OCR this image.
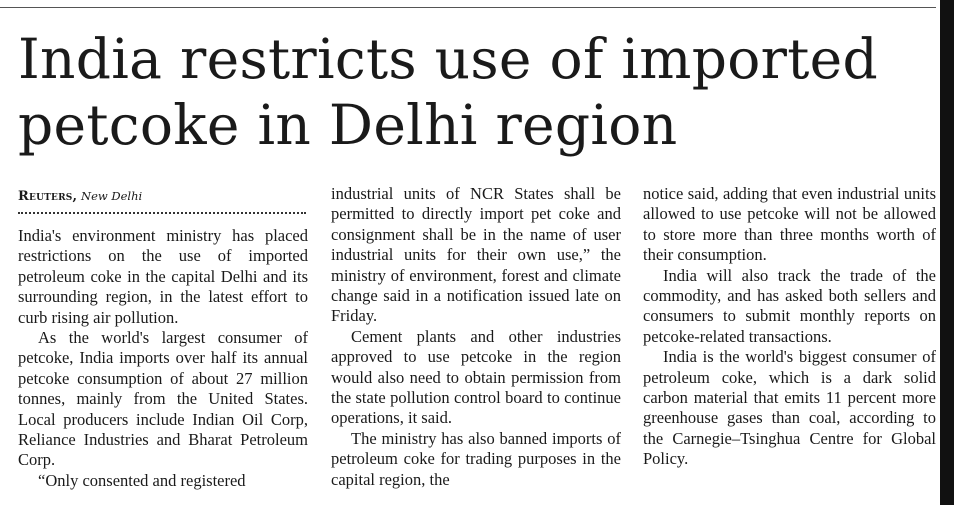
India restricts use of imported petcoke in Delhi region
Reuters, New Delhi

India's environment ministry has placed restrictions on the use of imported petroleum coke in the capital Delhi and its surrounding region, in the latest effort to curb rising air pollution.

As the world's largest consumer of petcoke, India imports over half its annual petcoke consumption of about 27 million tonnes, mainly from the United States. Local producers include Indian Oil Corp, Reliance Industries and Bharat Petroleum Corp.

“Only consented and registered

industrial units of NCR States shall be permitted to directly import pet coke and consignment shall be in the name of user industrial units for their own use,” the ministry of environment, forest and climate change said in a notification issued late on Friday.

Cement plants and other industries approved to use petcoke in the region would also need to obtain permission from the state pollution control board to continue operations, it said.

The ministry has also banned imports of petroleum coke for trading purposes in the capital region, the

notice said, adding that even industrial units allowed to use petcoke will not be allowed to store more than three months worth of their consumption.

India will also track the trade of the commodity, and has asked both sellers and consumers to submit monthly reports on petcoke-related transactions.

India is the world's biggest consumer of petroleum coke, which is a dark solid carbon material that emits 11 percent more greenhouse gases than coal, according to the Carnegie–Tsinghua Centre for Global Policy.
